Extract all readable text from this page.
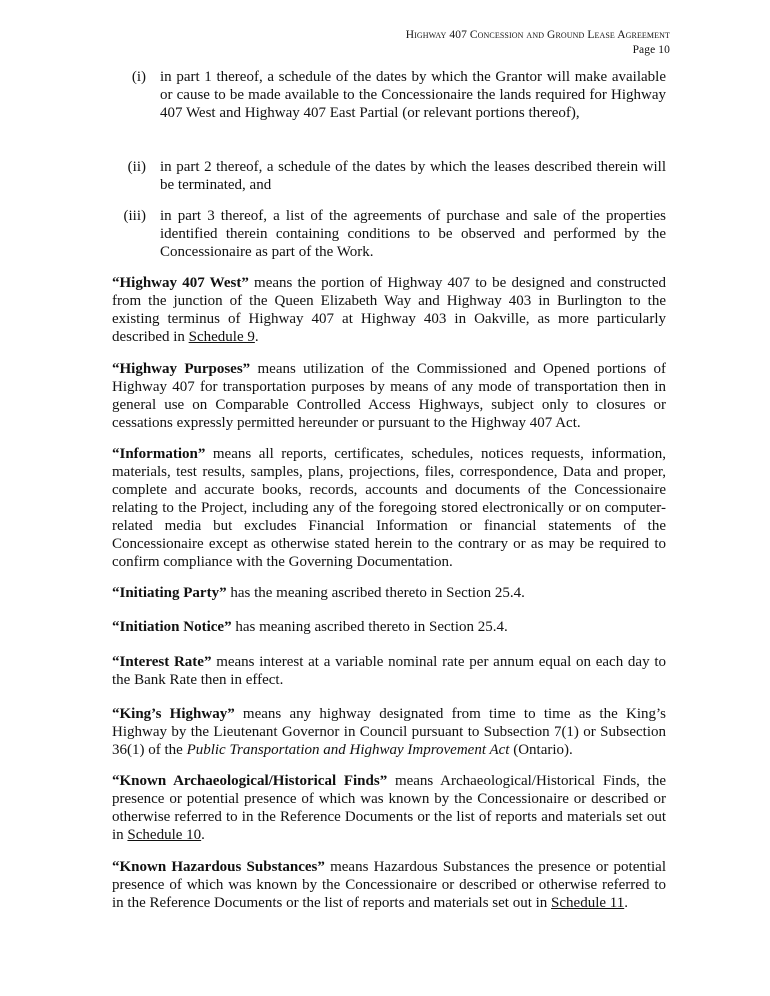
Highway 407 Concession and Ground Lease Agreement
Page 10
(i) in part 1 thereof, a schedule of the dates by which the Grantor will make available or cause to be made available to the Concessionaire the lands required for Highway 407 West and Highway 407 East Partial (or relevant portions thereof),
(ii) in part 2 thereof, a schedule of the dates by which the leases described therein will be terminated, and
(iii) in part 3 thereof, a list of the agreements of purchase and sale of the properties identified therein containing conditions to be observed and performed by the Concessionaire as part of the Work.
“Highway 407 West” means the portion of Highway 407 to be designed and constructed from the junction of the Queen Elizabeth Way and Highway 403 in Burlington to the existing terminus of Highway 407 at Highway 403 in Oakville, as more particularly described in Schedule 9.
“Highway Purposes” means utilization of the Commissioned and Opened portions of Highway 407 for transportation purposes by means of any mode of transportation then in general use on Comparable Controlled Access Highways, subject only to closures or cessations expressly permitted hereunder or pursuant to the Highway 407 Act.
“Information” means all reports, certificates, schedules, notices requests, information, materials, test results, samples, plans, projections, files, correspondence, Data and proper, complete and accurate books, records, accounts and documents of the Concessionaire relating to the Project, including any of the foregoing stored electronically or on computer-related media but excludes Financial Information or financial statements of the Concessionaire except as otherwise stated herein to the contrary or as may be required to confirm compliance with the Governing Documentation.
“Initiating Party” has the meaning ascribed thereto in Section 25.4.
“Initiation Notice” has meaning ascribed thereto in Section 25.4.
“Interest Rate” means interest at a variable nominal rate per annum equal on each day to the Bank Rate then in effect.
“King’s Highway” means any highway designated from time to time as the King’s Highway by the Lieutenant Governor in Council pursuant to Subsection 7(1) or Subsection 36(1) of the Public Transportation and Highway Improvement Act (Ontario).
“Known Archaeological/Historical Finds” means Archaeological/Historical Finds, the presence or potential presence of which was known by the Concessionaire or described or otherwise referred to in the Reference Documents or the list of reports and materials set out in Schedule 10.
“Known Hazardous Substances” means Hazardous Substances the presence or potential presence of which was known by the Concessionaire or described or otherwise referred to in the Reference Documents or the list of reports and materials set out in Schedule 11.
